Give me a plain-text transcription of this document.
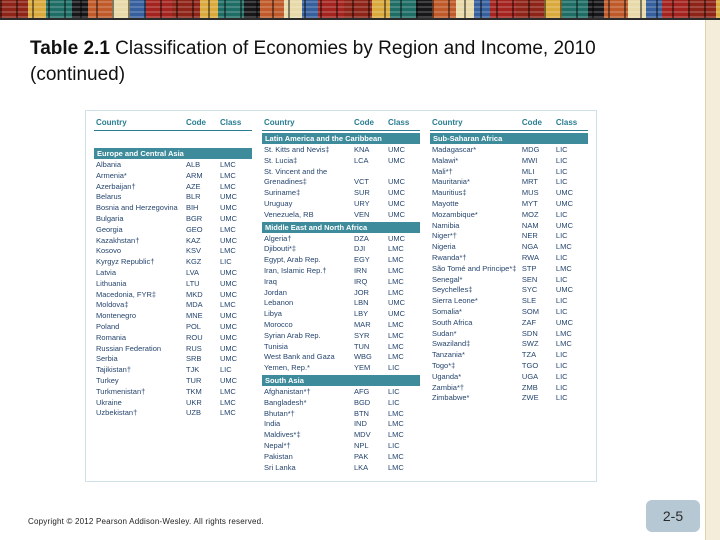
Table 2.1 Classification of Economies by Region and Income, 2010 (continued)
Country	Code	Class
Europe and Central Asia
Albania	ALB	LMC
Armenia*	ARM	LMC
Azerbaijan†	AZE	LMC
Belarus	BLR	UMC
Bosnia and Herzegovina	BIH	UMC
Bulgaria	BGR	UMC
Georgia	GEO	LMC
Kazakhstan†	KAZ	UMC
Kosovo	KSV	LMC
Kyrgyz Republic†	KGZ	LIC
Latvia	LVA	UMC
Lithuania	LTU	UMC
Macedonia, FYR‡	MKD	UMC
Moldova‡	MDA	LMC
Montenegro	MNE	UMC
Poland	POL	UMC
Romania	ROU	UMC
Russian Federation	RUS	UMC
Serbia	SRB	UMC
Tajikistan†	TJK	LIC
Turkey	TUR	UMC
Turkmenistan†	TKM	LMC
Ukraine	UKR	LMC
Uzbekistan†	UZB	LMC
Country	Code	Class
Latin America and the Caribbean
St. Kitts and Nevis‡	KNA	UMC
St. Lucia‡	LCA	UMC
St. Vincent and the Grenadines‡	VCT	UMC
Suriname‡	SUR	UMC
Uruguay	URY	UMC
Venezuela, RB	VEN	UMC
Middle East and North Africa
Algeria†	DZA	UMC
Djibouti*‡	DJI	LMC
Egypt, Arab Rep.	EGY	LMC
Iran, Islamic Rep.†	IRN	LMC
Iraq	IRQ	LMC
Jordan	JOR	LMC
Lebanon	LBN	UMC
Libya	LBY	UMC
Morocco	MAR	LMC
Syrian Arab Rep.	SYR	LMC
Tunisia	TUN	LMC
West Bank and Gaza	WBG	LMC
Yemen, Rep.*	YEM	LIC
South Asia
Afghanistan*†	AFG	LIC
Bangladesh*	BGD	LIC
Bhutan*†	BTN	LMC
India	IND	LMC
Maldives*‡	MDV	LMC
Nepal*†	NPL	LIC
Pakistan	PAK	LMC
Sri Lanka	LKA	LMC
Country	Code	Class
Sub-Saharan Africa
Madagascar*	MDG	LIC
Malawi*	MWI	LIC
Mali*†	MLI	LIC
Mauritania*	MRT	LIC
Mauritius‡	MUS	UMC
Mayotte	MYT	UMC
Mozambique*	MOZ	LIC
Namibia	NAM	UMC
Niger*†	NER	LIC
Nigeria	NGA	LMC
Rwanda*†	RWA	LIC
São Tomé and Principe*‡ STP	LMC
Senegal*	SEN	LIC
Seychelles‡	SYC	UMC
Sierra Leone*	SLE	LIC
Somalia*	SOM	LIC
South Africa	ZAF	UMC
Sudan*	SDN	LMC
Swaziland‡	SWZ	LMC
Tanzania*	TZA	LIC
Togo*‡	TGO	LIC
Uganda*	UGA	LIC
Zambia*†	ZMB	LIC
Zimbabwe*	ZWE	LIC
Copyright © 2012 Pearson Addison-Wesley. All rights reserved.	2-5
